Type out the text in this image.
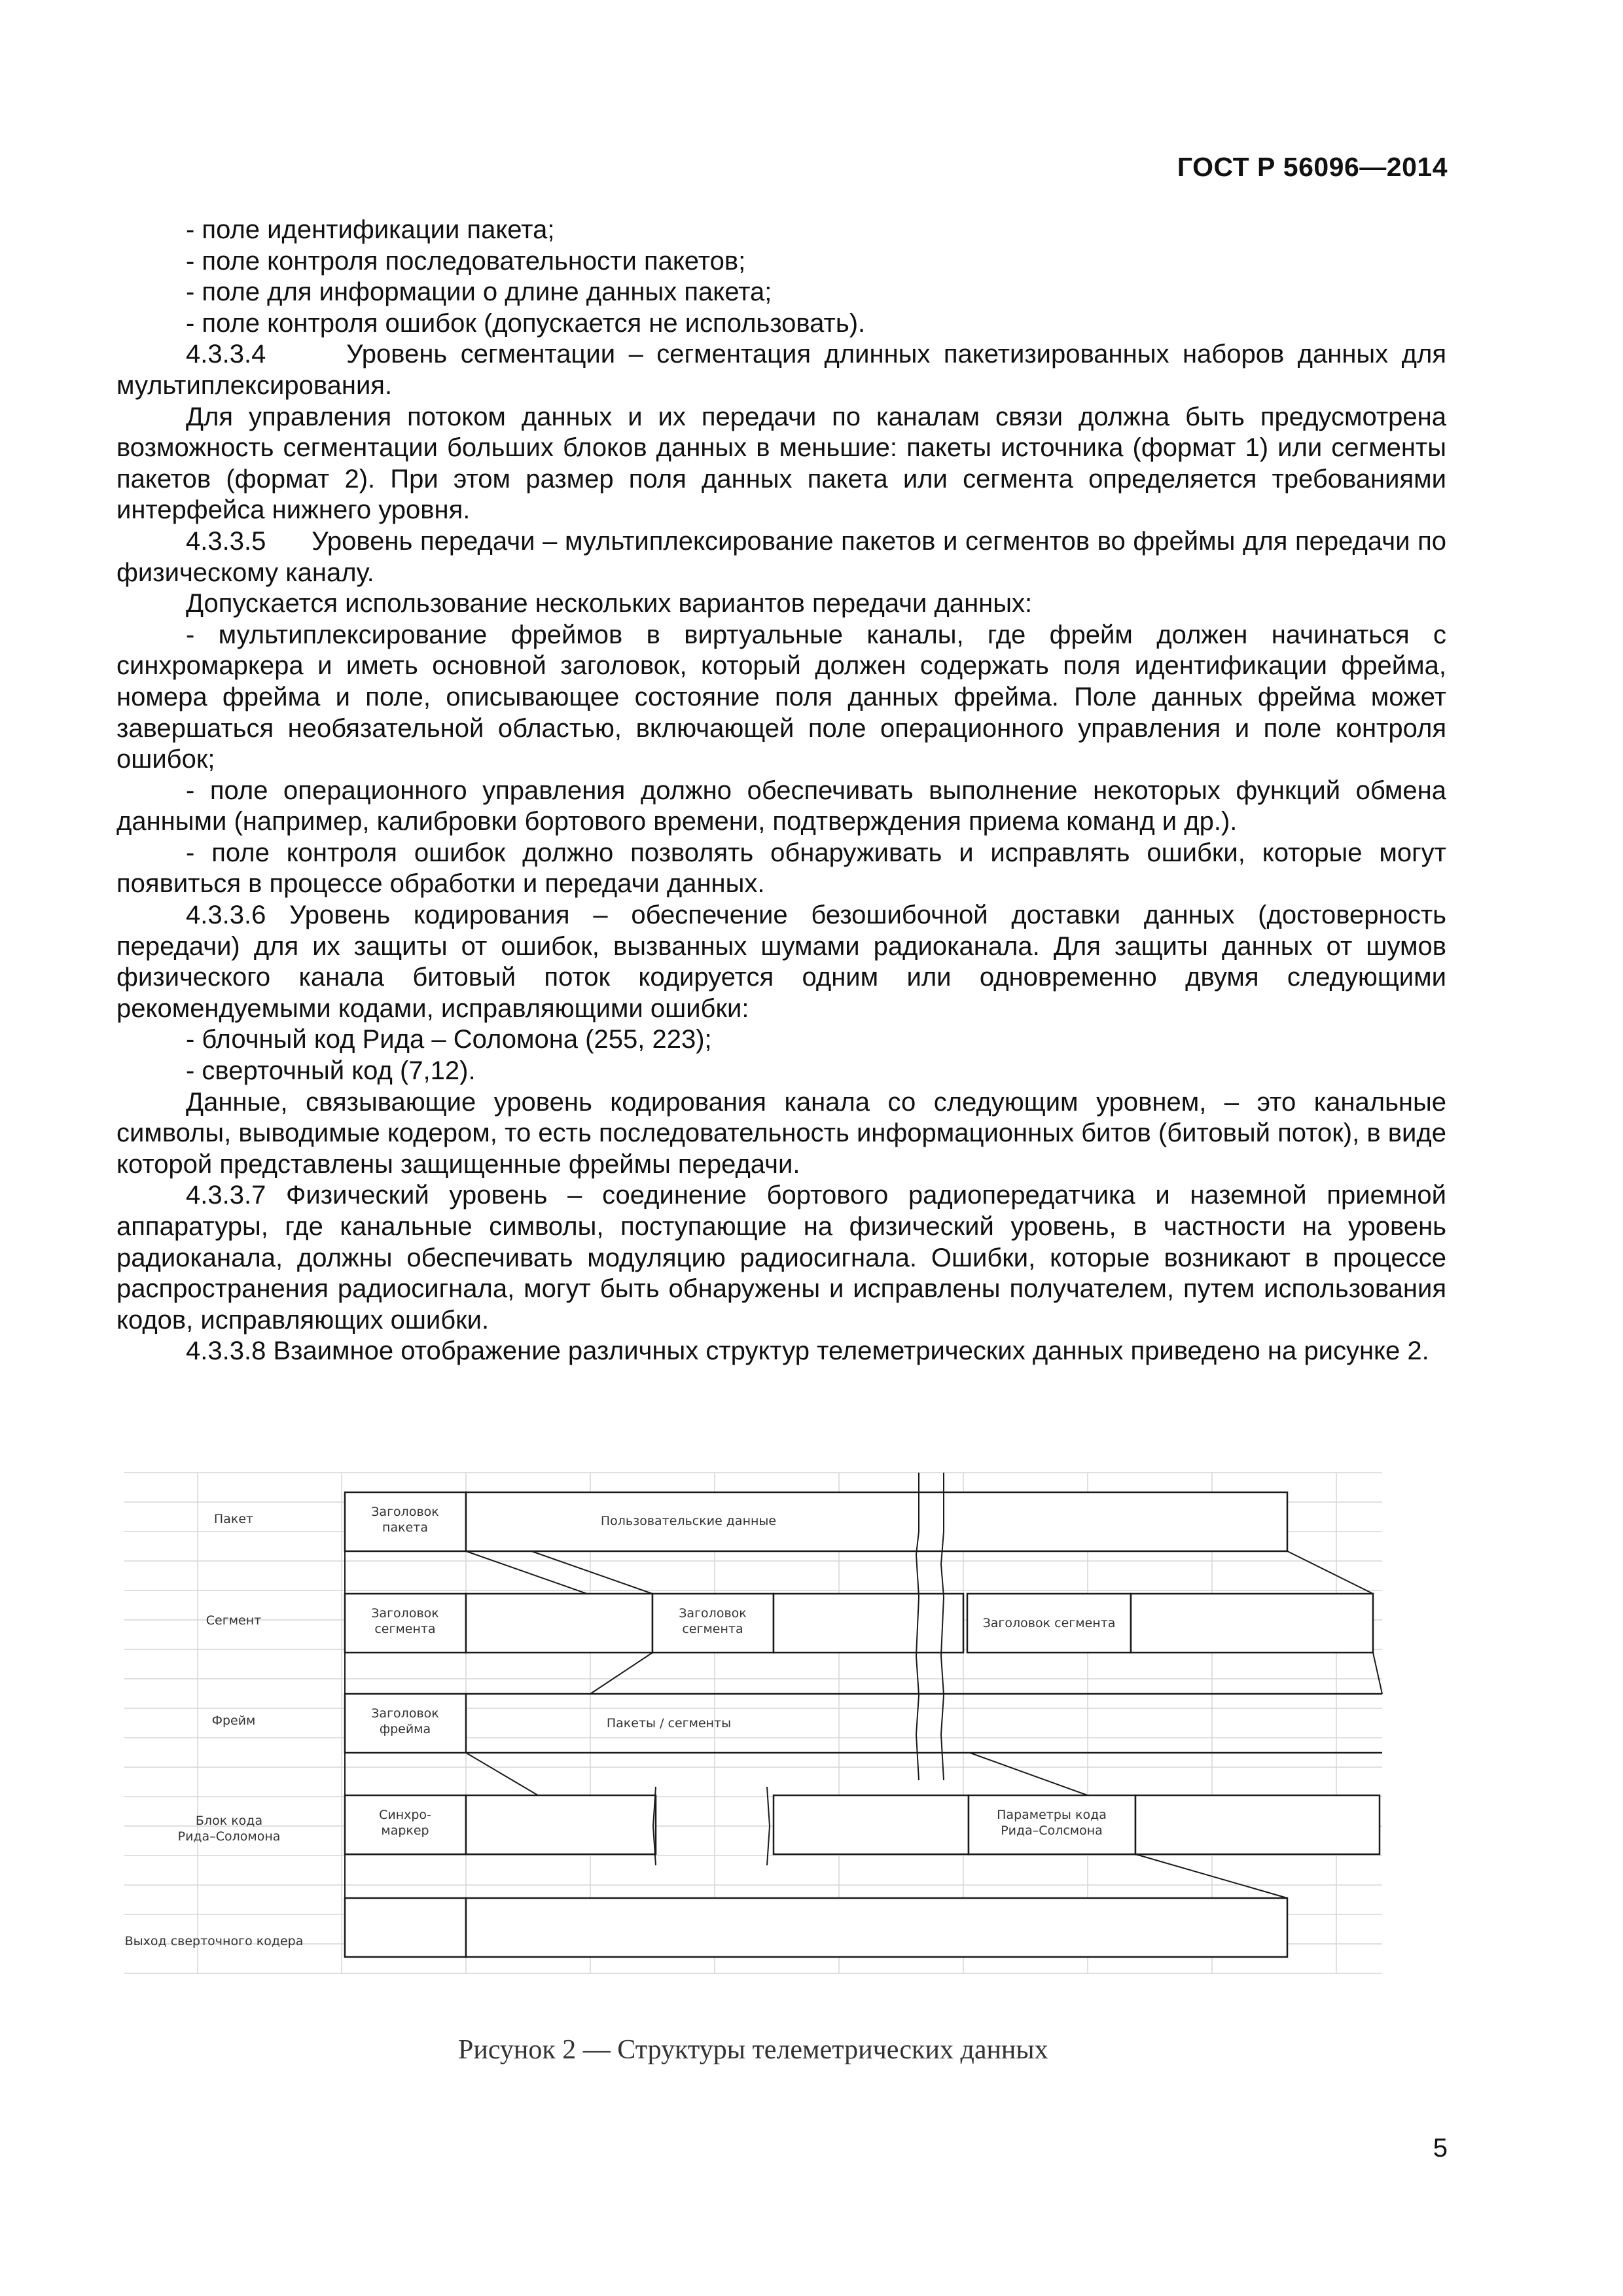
ГОСТ Р 56096—2014

- поле идентификации пакета;

- поле контроля последовательности пакетов;

- поле для информации о длине данных пакета;

- поле контроля ошибок (допускается не использовать).

4.3.3.4      Уровень сегментации – сегментация длинных пакетизированных наборов данных для мультиплексирования.

Для управления потоком данных и их передачи по каналам связи должна быть предусмотрена возможность сегментации больших блоков данных в меньшие: пакеты источника (формат 1) или сегменты пакетов (формат 2). При этом размер поля данных пакета или сегмента определяется требованиями интерфейса нижнего уровня.

4.3.3.5      Уровень передачи – мультиплексирование пакетов и сегментов во фреймы для передачи по физическому каналу.

Допускается использование нескольких вариантов передачи данных:

- мультиплексирование фреймов в виртуальные каналы, где фрейм должен начинаться с синхромаркера и иметь основной заголовок, который должен содержать поля идентификации фрейма, номера фрейма и поле, описывающее состояние поля данных фрейма. Поле данных фрейма может завершаться необязательной областью, включающей поле операционного управления и поле контроля ошибок;

- поле операционного управления должно обеспечивать выполнение некоторых функций обмена данными (например, калибровки бортового времени, подтверждения приема команд и др.).

- поле контроля ошибок должно позволять обнаруживать и исправлять ошибки, которые могут появиться в процессе обработки и передачи данных.

4.3.3.6 Уровень кодирования – обеспечение безошибочной доставки данных (достоверность передачи) для их защиты от ошибок, вызванных шумами радиоканала. Для защиты данных от шумов физического канала битовый поток кодируется одним или одновременно двумя следующими рекомендуемыми кодами, исправляющими ошибки:

- блочный код Рида – Соломона (255, 223);

- сверточный код (7,12).

Данные, связывающие уровень кодирования канала со следующим уровнем, – это канальные символы, выводимые кодером, то есть последовательность информационных битов (битовый поток), в виде которой представлены защищенные фреймы передачи.

4.3.3.7 Физический уровень – соединение бортового радиопередатчика и наземной приемной аппаратуры, где канальные символы, поступающие на физический уровень, в частности на уровень радиоканала, должны обеспечивать модуляцию радиосигнала. Ошибки, которые возникают в процессе распространения радиосигнала, могут быть обнаружены и исправлены получателем, путем использования кодов, исправляющих ошибки.

4.3.3.8 Взаимное отображение различных структур телеметрических данных приведено на рисунке 2.

Пакет
Сегмент
Фрейм
Блок кода
Рида–Соломона
Выход сверточного кодера
Заголовок
пакета	Пользовательские данные
Заголовок
сегмента
Заголовок
сегмента	Заголовок сегмента
Заголовок
фрейма	Пакеты / сегменты
Синхро-
маркер
Параметры кода
Рида–Солсмона
Рисунок 2 — Структуры телеметрических данных
5
